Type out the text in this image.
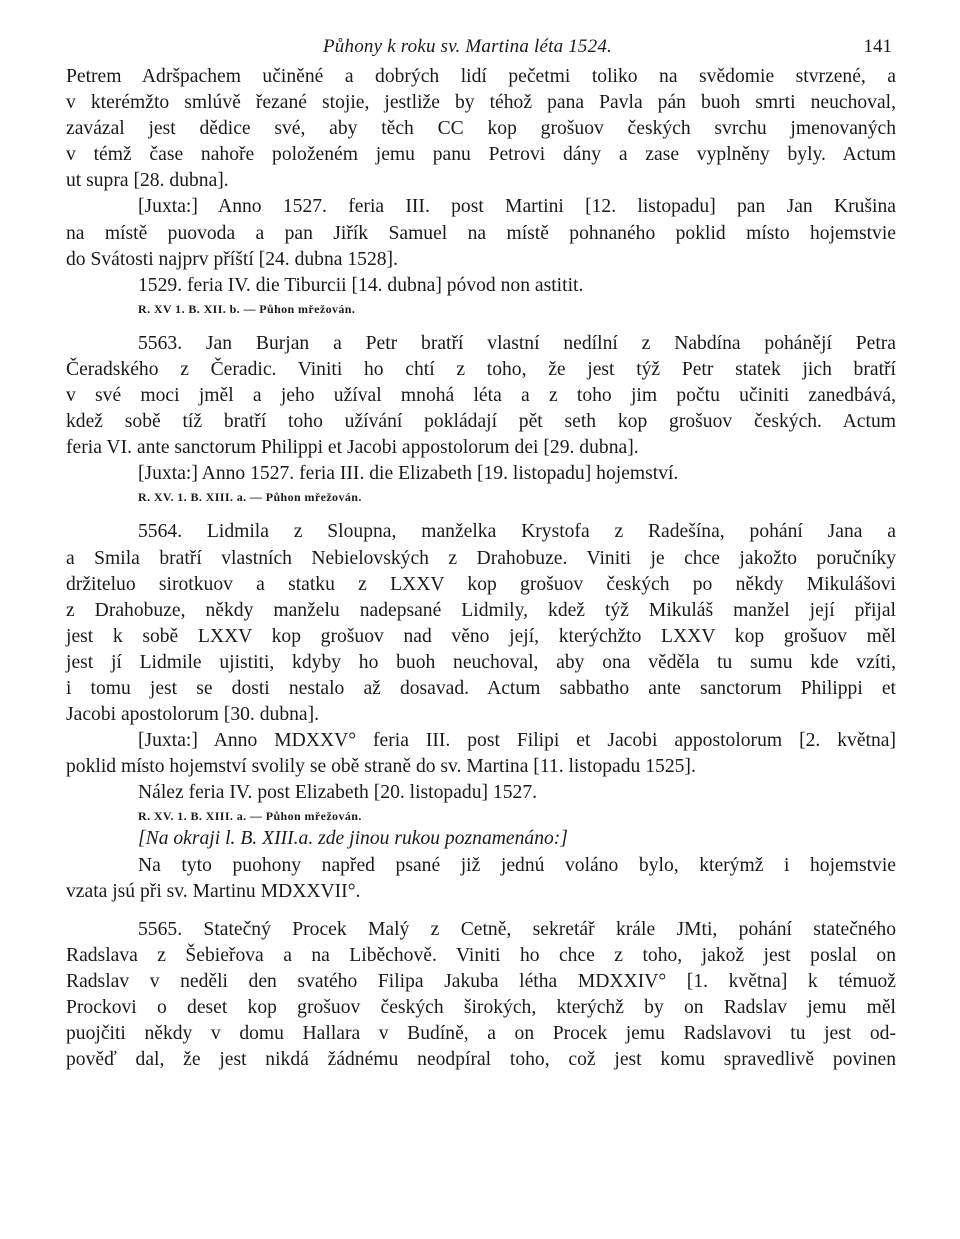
Půhony k roku sv. Martina léta 1524.	141
Petrem Adršpachem učiněné a dobrých lidí pečetmi toliko na svědomie stvrzené, a
v kterémžto smlúvě řezané stojie, jestliže by téhož pana Pavla pán buoh smrti neuchoval,
zavázal jest dědice své, aby těch CC kop grošuov českých svrchu jmenovaných
v témž čase nahoře položeném jemu panu Petrovi dány a zase vyplněny byly. Actum
ut supra [28. dubna].
[Juxta:] Anno 1527. feria III. post Martini [12. listopadu] pan Jan Krušina
na místě puovoda a pan Jiřík Samuel na místě pohnaného poklid místo hojemstvie
do Svátosti najprv příští [24. dubna 1528].
1529. feria IV. die Tiburcii [14. dubna] póvod non astitit.
R. XV 1. B. XII. b. — Půhon mřežován.
5563. Jan Burjan a Petr bratří vlastní nedílní z Nabdína pohánějí Petra
Čeradského z Čeradic. Viniti ho chtí z toho, že jest týž Petr statek jich bratří
v své moci jměl a jeho užíval mnohá léta a z toho jim počtu učiniti zanedbává,
kdež sobě tíž bratří toho užívání pokládají pět seth kop grošuov českých. Actum
feria VI. ante sanctorum Philippi et Jacobi appostolorum dei [29. dubna].
[Juxta:] Anno 1527. feria III. die Elizabeth [19. listopadu] hojemství.
R. XV. 1. B. XIII. a. — Půhon mřežován.
5564. Lidmila z Sloupna, manželka Krystofa z Radešína, pohání Jana a
a Smila bratří vlastních Nebielovských z Drahobuze. Viniti je chce jakožto poručníky
držiteluo sirotkuov a statku z LXXV kop grošuov českých po někdy Mikulášovi
z Drahobuze, někdy manželu nadepsané Lidmily, kdež týž Mikuláš manžel její přijal
jest k sobě LXXV kop grošuov nad věno její, kterýchžto LXXV kop grošuov měl
jest jí Lidmile ujistiti, kdyby ho buoh neuchoval, aby ona věděla tu sumu kde vzíti,
i tomu jest se dosti nestalo až dosavad. Actum sabbatho ante sanctorum Philippi et
Jacobi apostolorum [30. dubna].
[Juxta:] Anno MDXXV° feria III. post Filipi et Jacobi appostolorum [2. května]
poklid místo hojemství svolily se obě straně do sv. Martina [11. listopadu 1525].
Nález feria IV. post Elizabeth [20. listopadu] 1527.
R. XV. 1. B. XIII. a. — Půhon mřežován.
[Na okraji l. B. XIII.a. zde jinou rukou poznamenáno:]
Na tyto puohony napřed psané již jednú voláno bylo, kterýmž i hojemstvie
vzata jsú při sv. Martinu MDXXVII°.
5565. Statečný Procek Malý z Cetně, sekretář krále JMti, pohání statečného
Radslava z Šebieřova a na Liběchově. Viniti ho chce z toho, jakož jest poslal on
Radslav v neděli den svatého Filipa Jakuba létha MDXXIV° [1. května] k témuož
Prockovi o deset kop grošuov českých širokých, kterýchž by on Radslav jemu měl
puojčiti někdy v domu Hallara v Budíně, a on Procek jemu Radslavovi tu jest od-
pověď dal, že jest nikdá žádnému neodpíral toho, což jest komu spravedlivě povinen
